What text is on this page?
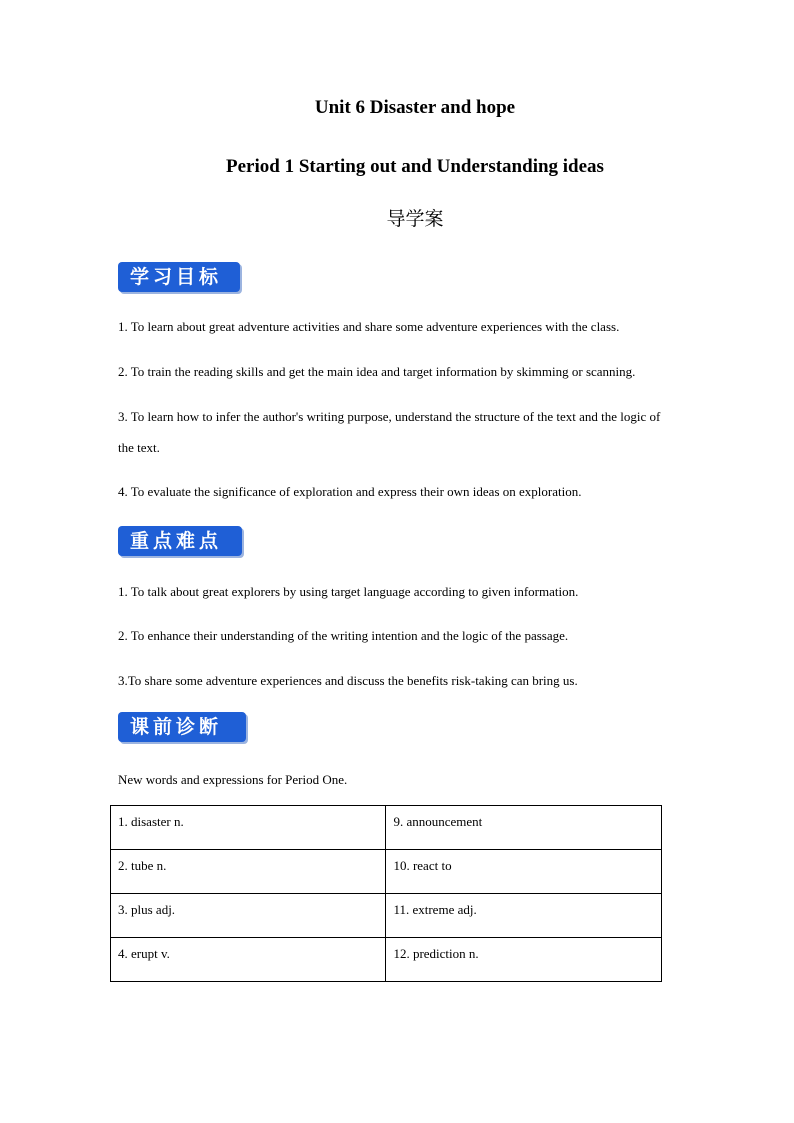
Unit 6 Disaster and hope
Period 1 Starting out and Understanding ideas
导学案
学习目标

1. To learn about great adventure activities and share some adventure experiences with the class.

2. To train the reading skills and get the main idea and target information by skimming or scanning.

3. To learn how to infer the author's writing purpose, understand the structure of the text and the logic of

the text.

4. To evaluate the significance of exploration and express their own ideas on exploration.

重点难点

1. To talk about great explorers by using target language according to given information.

2. To enhance their understanding of the writing intention and the logic of the passage.

3.To share some adventure experiences and discuss the benefits risk-taking can bring us.

课前诊断

New words and expressions for Period One.

1. disaster n.	9. announcement
2. tube n.	10. react to
3. plus adj.	11. extreme adj.
4. erupt v.	12. prediction n.
